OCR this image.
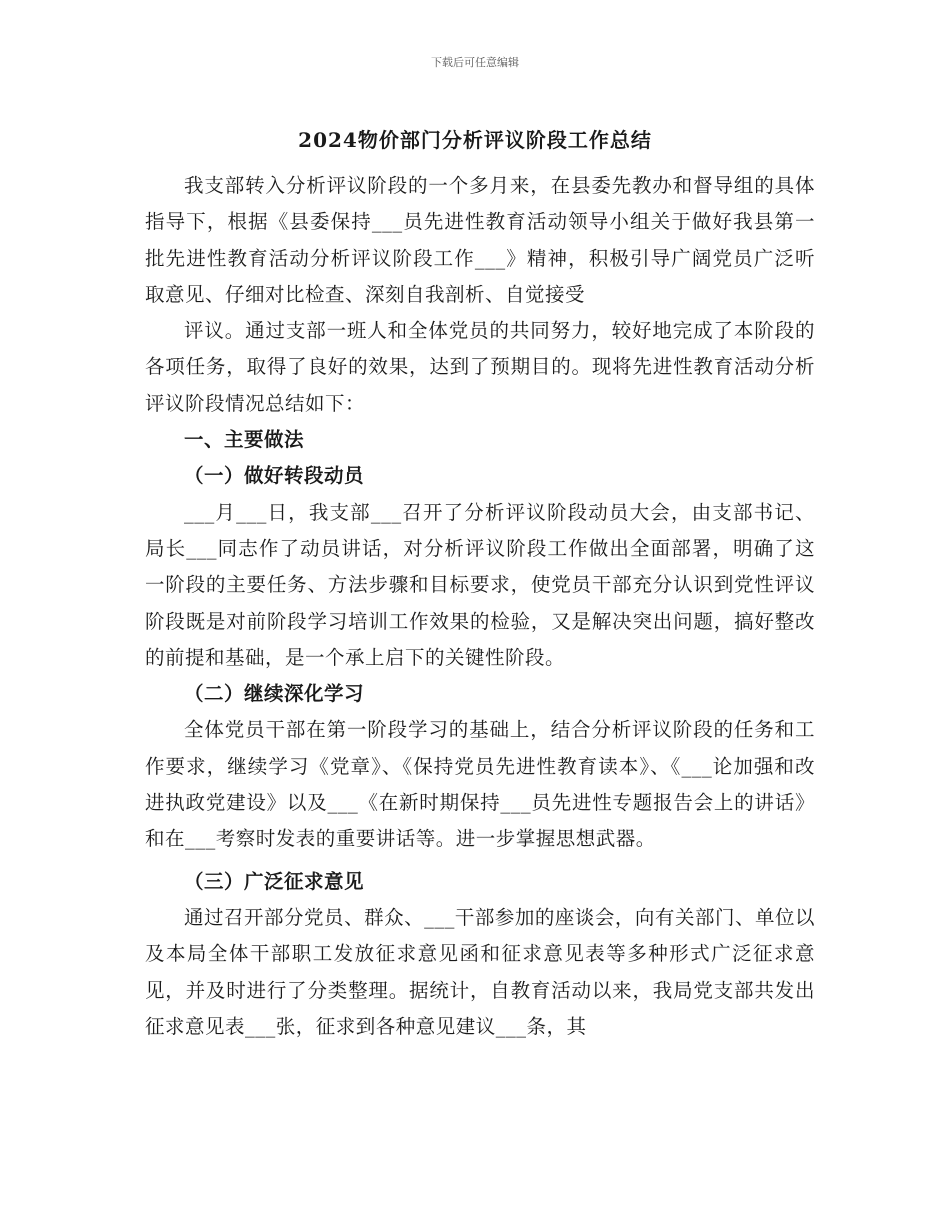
下载后可任意编辑
2024物价部门分析评议阶段工作总结

我支部转入分析评议阶段的一个多月来，在县委先教办和督导组的具体指导下，根据《县委保持___员先进性教育活动领导小组关于做好我县第一批先进性教育活动分析评议阶段工作___》精神，积极引导广阔党员广泛听取意见、仔细对比检查、深刻自我剖析、自觉接受

评议。通过支部一班人和全体党员的共同努力，较好地完成了本阶段的各项任务，取得了良好的效果，达到了预期目的。现将先进性教育活动分析评议阶段情况总结如下：

一、主要做法

（一）做好转段动员

___月___日，我支部___召开了分析评议阶段动员大会，由支部书记、局长___同志作了动员讲话，对分析评议阶段工作做出全面部署，明确了这一阶段的主要任务、方法步骤和目标要求，使党员干部充分认识到党性评议阶段既是对前阶段学习培训工作效果的检验，又是解决突出问题，搞好整改的前提和基础，是一个承上启下的关键性阶段。

（二）继续深化学习

全体党员干部在第一阶段学习的基础上，结合分析评议阶段的任务和工作要求，继续学习《党章》、《保持党员先进性教育读本》、《___论加强和改进执政党建设》以及___《在新时期保持___员先进性专题报告会上的讲话》和在___考察时发表的重要讲话等。进一步掌握思想武器。

（三）广泛征求意见

通过召开部分党员、群众、___干部参加的座谈会，向有关部门、单位以及本局全体干部职工发放征求意见函和征求意见表等多种形式广泛征求意见，并及时进行了分类整理。据统计，自教育活动以来，我局党支部共发出征求意见表___张，征求到各种意见建议___条，其
